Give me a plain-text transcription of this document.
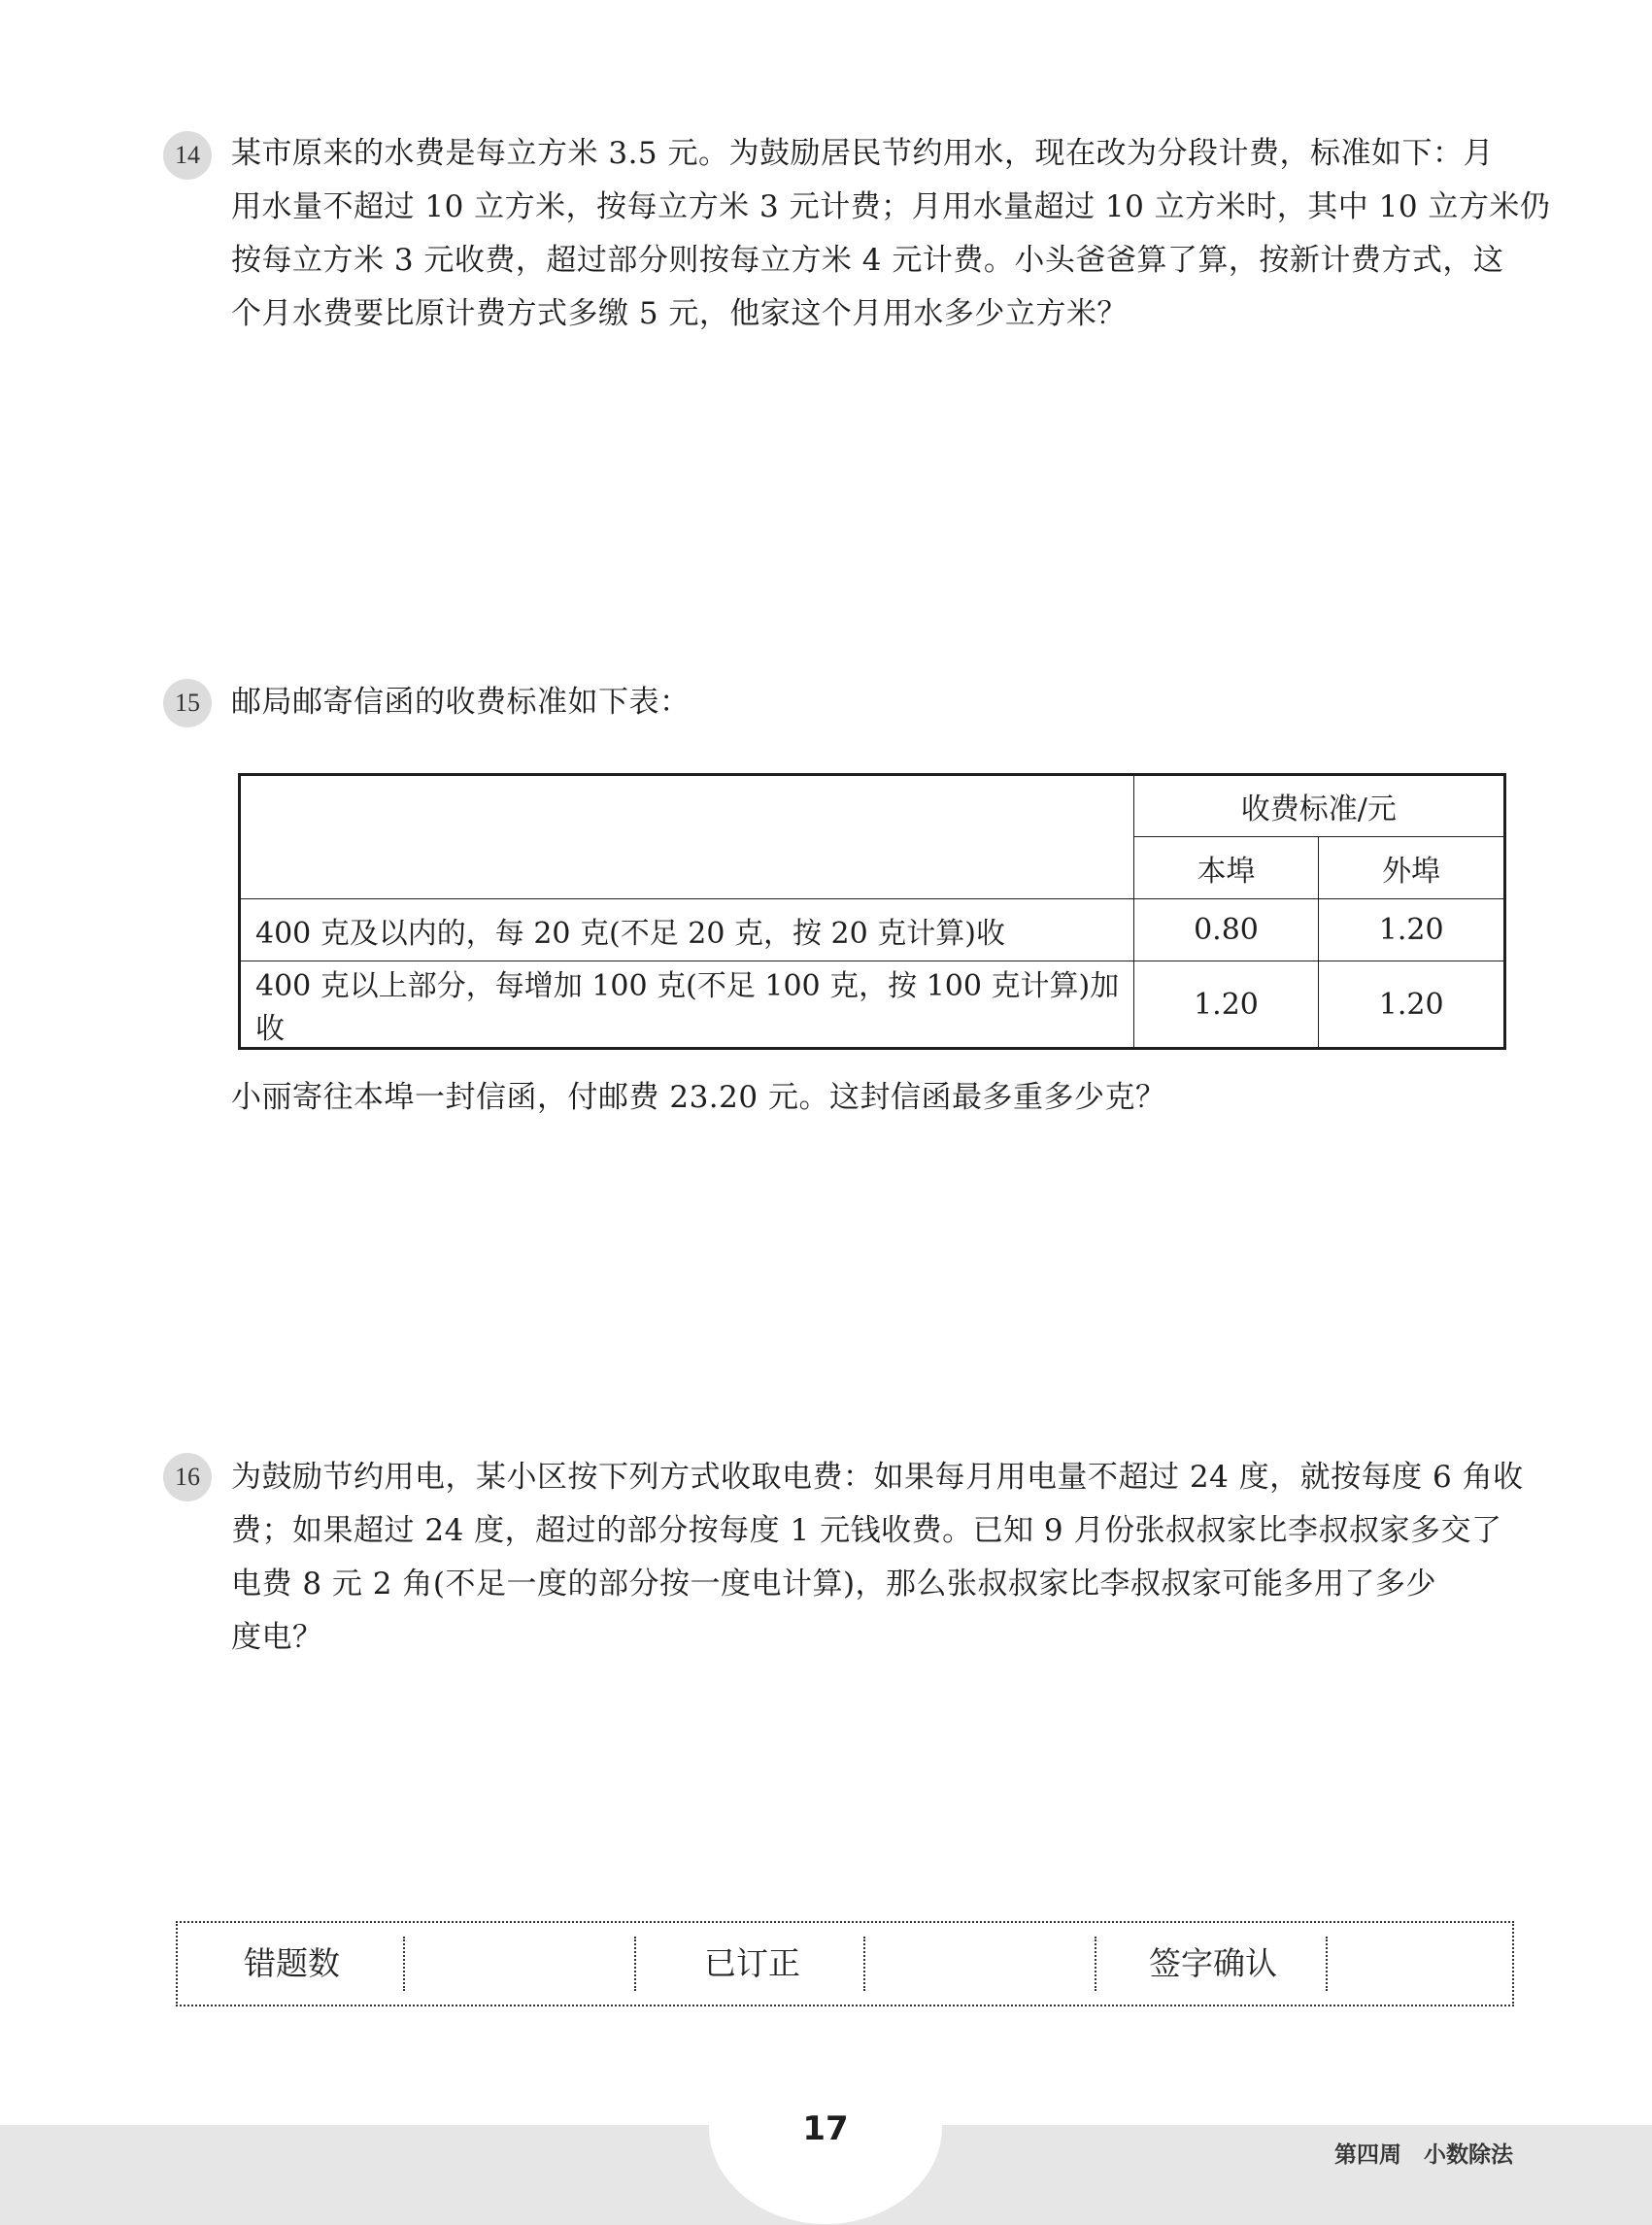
14	某市原来的水费是每立方米 3.5 元。为鼓励居民节约用水，现在改为分段计费，标准如下：月
用水量不超过 10 立方米，按每立方米 3 元计费；月用水量超过 10 立方米时，其中 10 立方米仍
按每立方米 3 元收费，超过部分则按每立方米 4 元计费。小头爸爸算了算，按新计费方式，这
个月水费要比原计费方式多缴 5 元，他家这个月用水多少立方米？

15	邮局邮寄信函的收费标准如下表：

	收费标准/元	
	本埠	外埠
400 克及以内的，每 20 克(不足 20 克，按 20 克计算)收	0.80	1.20
400 克以上部分，每增加 100 克(不足 100 克，按 100 克计算)加收	1.20	1.20

小丽寄往本埠一封信函，付邮费 23.20 元。这封信函最多重多少克？

16	为鼓励节约用电，某小区按下列方式收取电费：如果每月用电量不超过 24 度，就按每度 6 角收
费；如果超过 24 度，超过的部分按每度 1 元钱收费。已知 9 月份张叔叔家比李叔叔家多交了
电费 8 元 2 角(不足一度的部分按一度电计算)，那么张叔叔家比李叔叔家可能多用了多少
度电？

错题数	已订正	签字确认
17
第四周　小数除法
